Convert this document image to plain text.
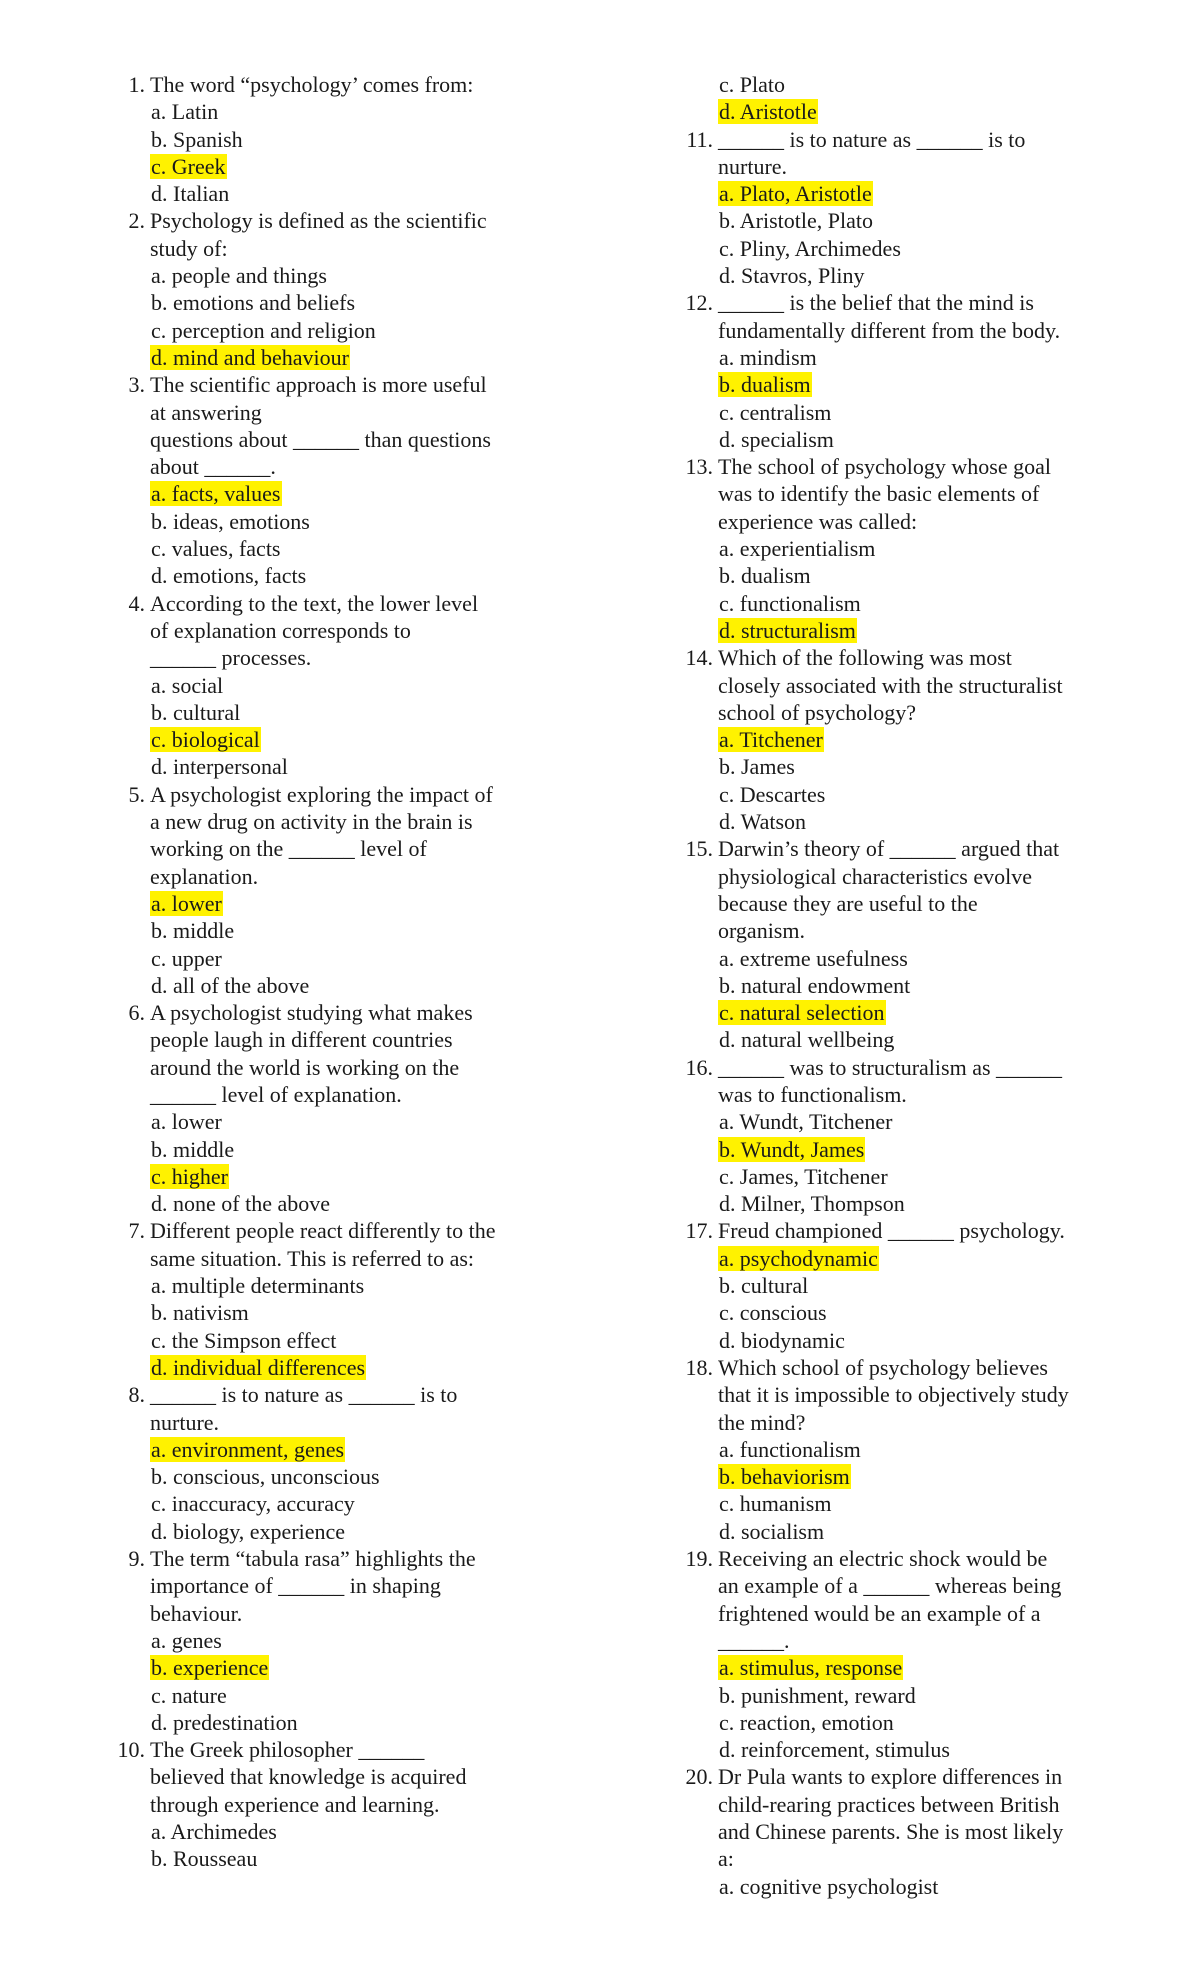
1. The word “psychology’ comes from:
a. Latin
b. Spanish
c. Greek
d. Italian
2. Psychology is defined as the scientific
study of:
a. people and things
b. emotions and beliefs
c. perception and religion
d. mind and behaviour
3. The scientific approach is more useful
at answering
questions about ______ than questions
about ______.
a. facts, values
b. ideas, emotions
c. values, facts
d. emotions, facts
4. According to the text, the lower level
of explanation corresponds to
______ processes.
a. social
b. cultural
c. biological
d. interpersonal
5. A psychologist exploring the impact of
a new drug on activity in the brain is
working on the ______ level of
explanation.
a. lower
b. middle
c. upper
d. all of the above
6. A psychologist studying what makes
people laugh in different countries
around the world is working on the
______ level of explanation.
a. lower
b. middle
c. higher
d. none of the above
7. Different people react differently to the
same situation. This is referred to as:
a. multiple determinants
b. nativism
c. the Simpson effect
d. individual differences
8. ______ is to nature as ______ is to
nurture.
a. environment, genes
b. conscious, unconscious
c. inaccuracy, accuracy
d. biology, experience
9. The term “tabula rasa” highlights the
importance of ______ in shaping
behaviour.
a. genes
b. experience
c. nature
d. predestination
10. The Greek philosopher ______
believed that knowledge is acquired
through experience and learning.
a. Archimedes
b. Rousseau
c. Plato
d. Aristotle
11. ______ is to nature as ______ is to
nurture.
a. Plato, Aristotle
b. Aristotle, Plato
c. Pliny, Archimedes
d. Stavros, Pliny
12. ______ is the belief that the mind is
fundamentally different from the body.
a. mindism
b. dualism
c. centralism
d. specialism
13. The school of psychology whose goal
was to identify the basic elements of
experience was called:
a. experientialism
b. dualism
c. functionalism
d. structuralism
14. Which of the following was most
closely associated with the structuralist
school of psychology?
a. Titchener
b. James
c. Descartes
d. Watson
15. Darwin’s theory of ______ argued that
physiological characteristics evolve
because they are useful to the
organism.
a. extreme usefulness
b. natural endowment
c. natural selection
d. natural wellbeing
16. ______ was to structuralism as ______
was to functionalism.
a. Wundt, Titchener
b. Wundt, James
c. James, Titchener
d. Milner, Thompson
17. Freud championed ______ psychology.
a. psychodynamic
b. cultural
c. conscious
d. biodynamic
18. Which school of psychology believes
that it is impossible to objectively study
the mind?
a. functionalism
b. behaviorism
c. humanism
d. socialism
19. Receiving an electric shock would be
an example of a ______ whereas being
frightened would be an example of a
______.
a. stimulus, response
b. punishment, reward
c. reaction, emotion
d. reinforcement, stimulus
20. Dr Pula wants to explore differences in
child-rearing practices between British
and Chinese parents. She is most likely
a:
a. cognitive psychologist
